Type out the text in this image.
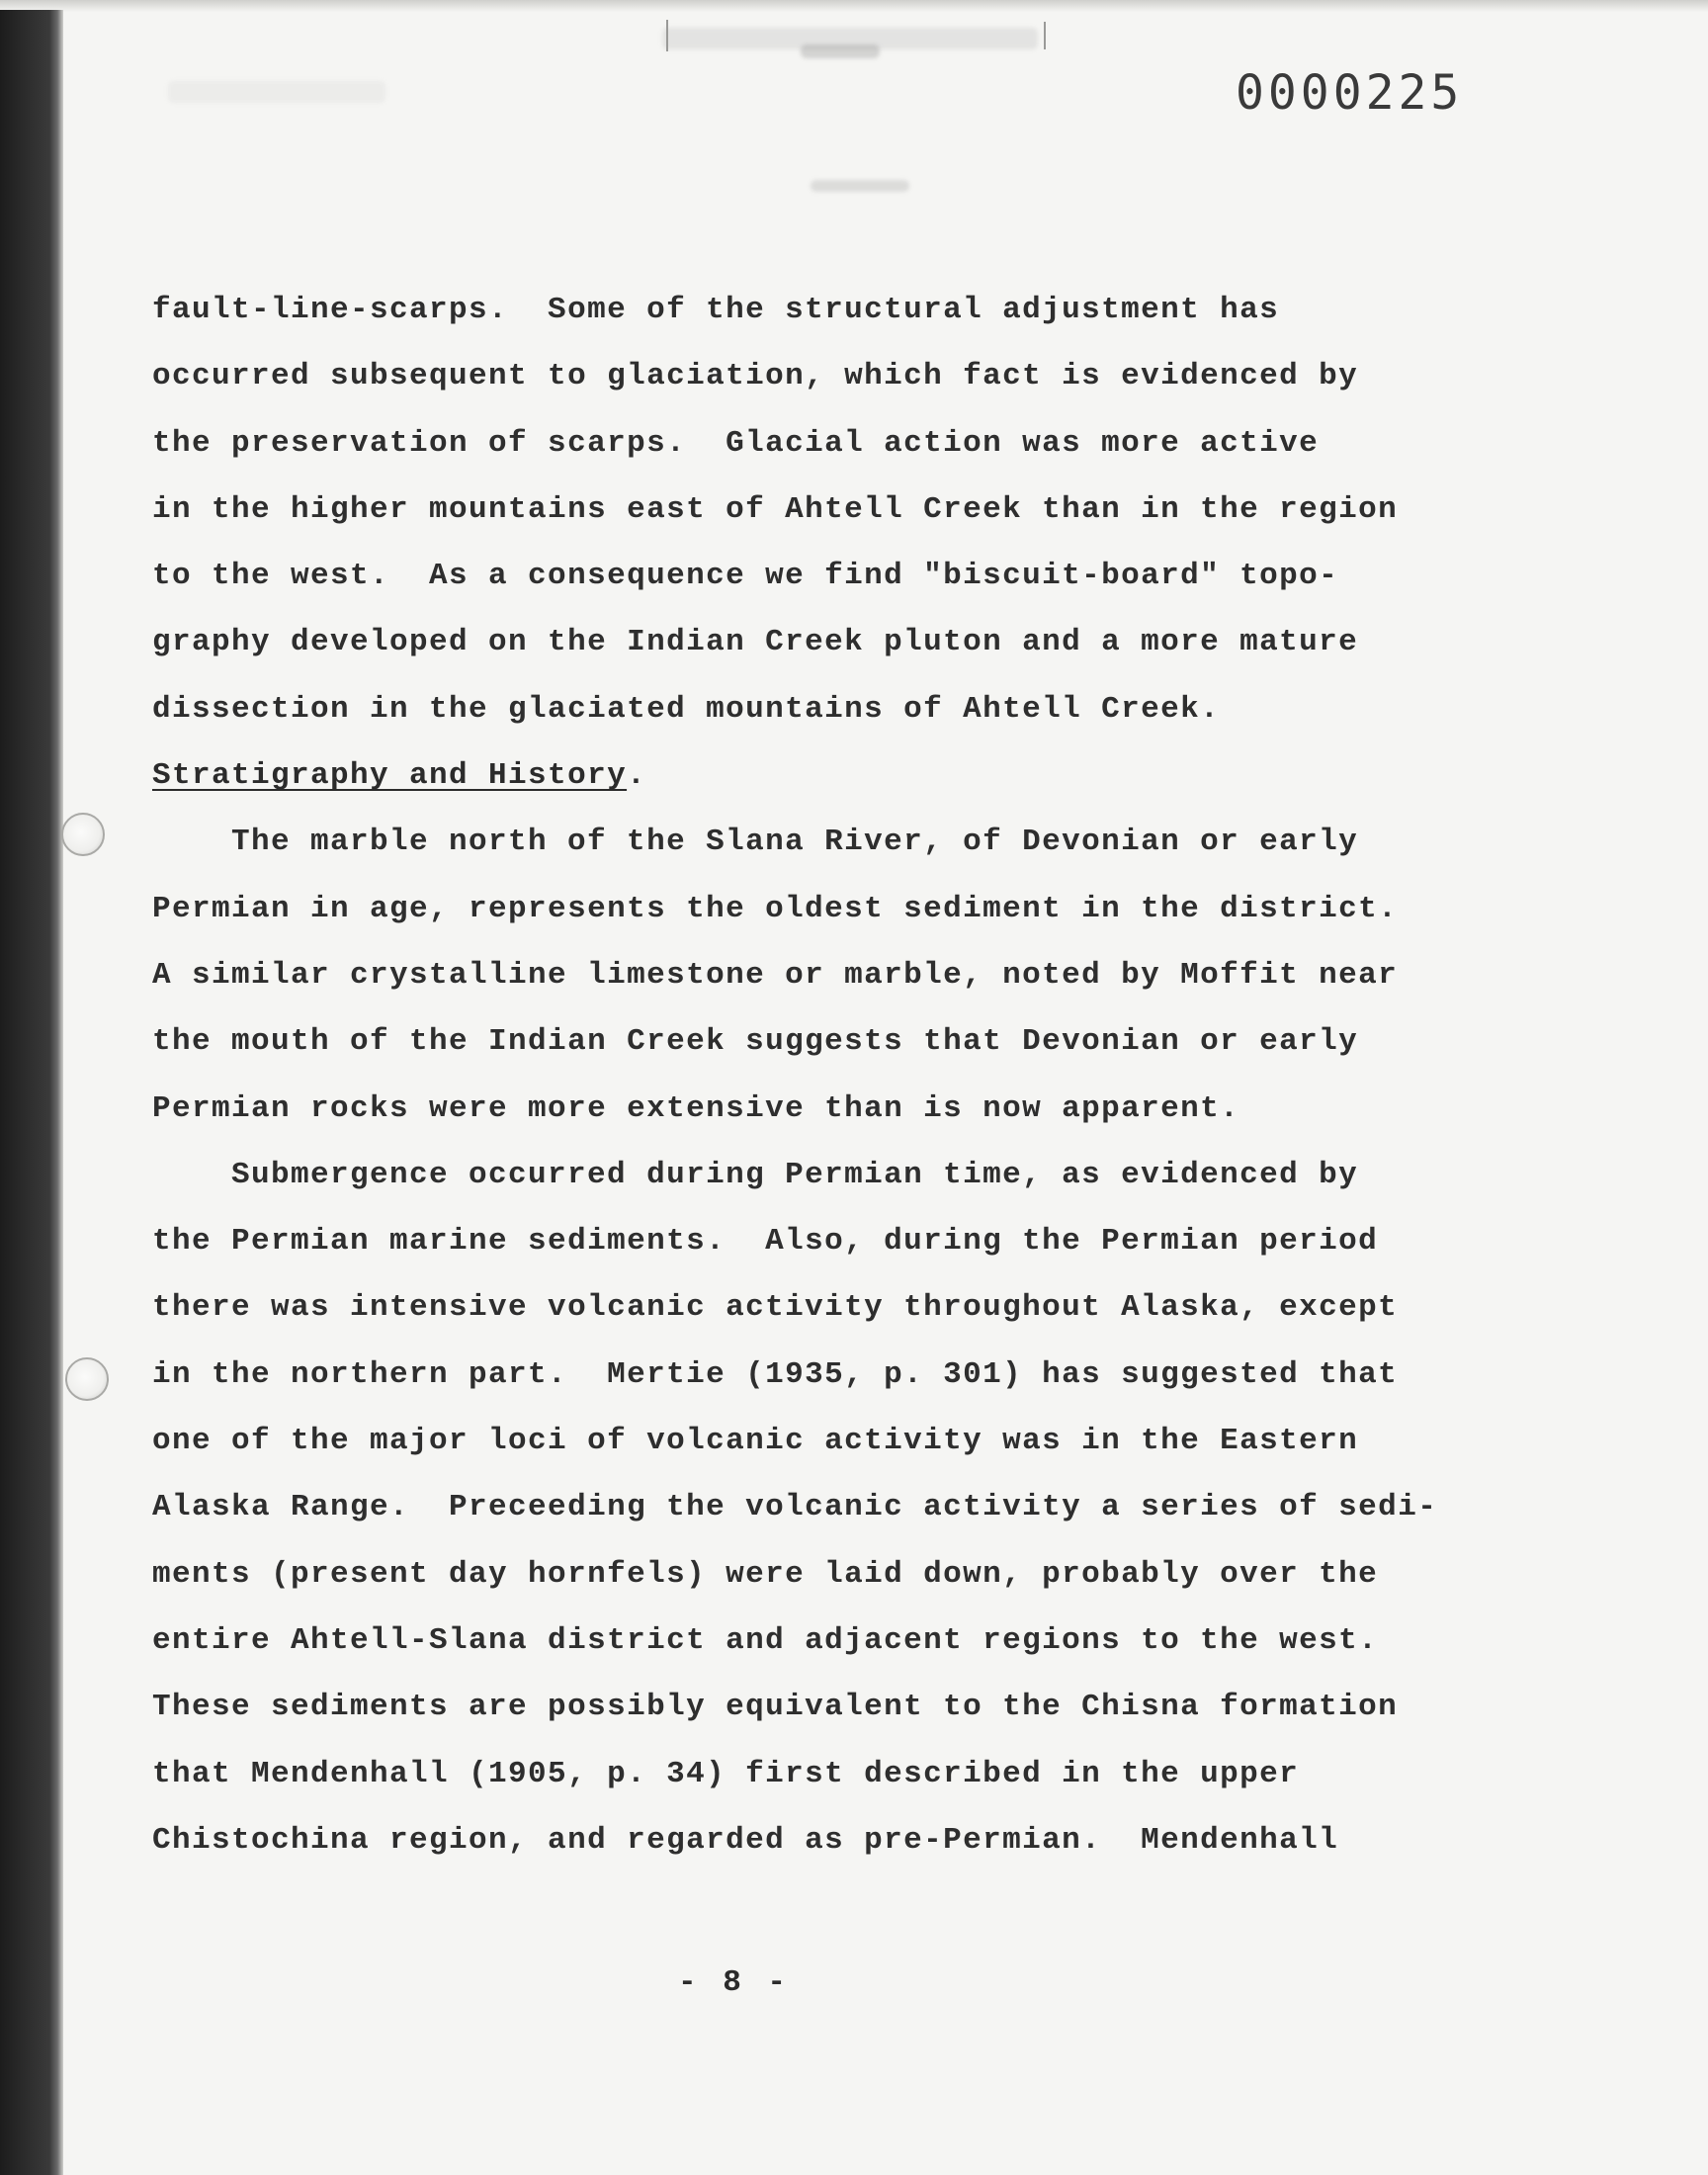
0000225
fault-line-scarps.  Some of the structural adjustment has
occurred subsequent to glaciation, which fact is evidenced by
the preservation of scarps.  Glacial action was more active
in the higher mountains east of Ahtell Creek than in the region
to the west.  As a consequence we find "biscuit-board" topo-
graphy developed on the Indian Creek pluton and a more mature
dissection in the glaciated mountains of Ahtell Creek.
Stratigraphy and History.
The marble north of the Slana River, of Devonian or early
Permian in age, represents the oldest sediment in the district.
A similar crystalline limestone or marble, noted by Moffit near
the mouth of the Indian Creek suggests that Devonian or early
Permian rocks were more extensive than is now apparent.
Submergence occurred during Permian time, as evidenced by
the Permian marine sediments.  Also, during the Permian period
there was intensive volcanic activity throughout Alaska, except
in the northern part.  Mertie (1935, p. 301) has suggested that
one of the major loci of volcanic activity was in the Eastern
Alaska Range.  Preceeding the volcanic activity a series of sedi-
ments (present day hornfels) were laid down, probably over the
entire Ahtell-Slana district and adjacent regions to the west.
These sediments are possibly equivalent to the Chisna formation
that Mendenhall (1905, p. 34) first described in the upper
Chistochina region, and regarded as pre-Permian.  Mendenhall
- 8 -
